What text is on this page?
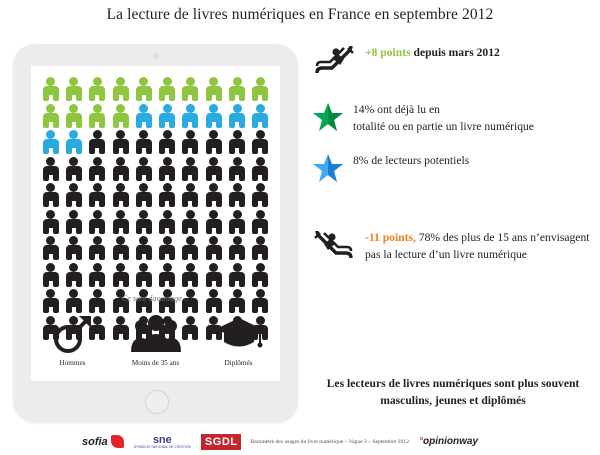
La lecture de livres numériques en France en septembre 2012
Ce sont davantage…
Hommes	Moins de 35 ans	Diplômés
+8 points depuis mars 2012
14% ont déjà lu en
totalité ou en partie un livre numérique
8% de lecteurs potentiels
-11 points, 78% des plus de 15 ans n’envisagent pas la lecture d’un livre numérique
Les lecteurs de livres numériques sont plus souvent masculins, jeunes et diplômés
sofia	sne
SYNDICAT NATIONAL DE L'ÉDITION	SGDL	Baromètre des usages du livre numérique – Vague 2 – Septembre 2012 °opinionway
